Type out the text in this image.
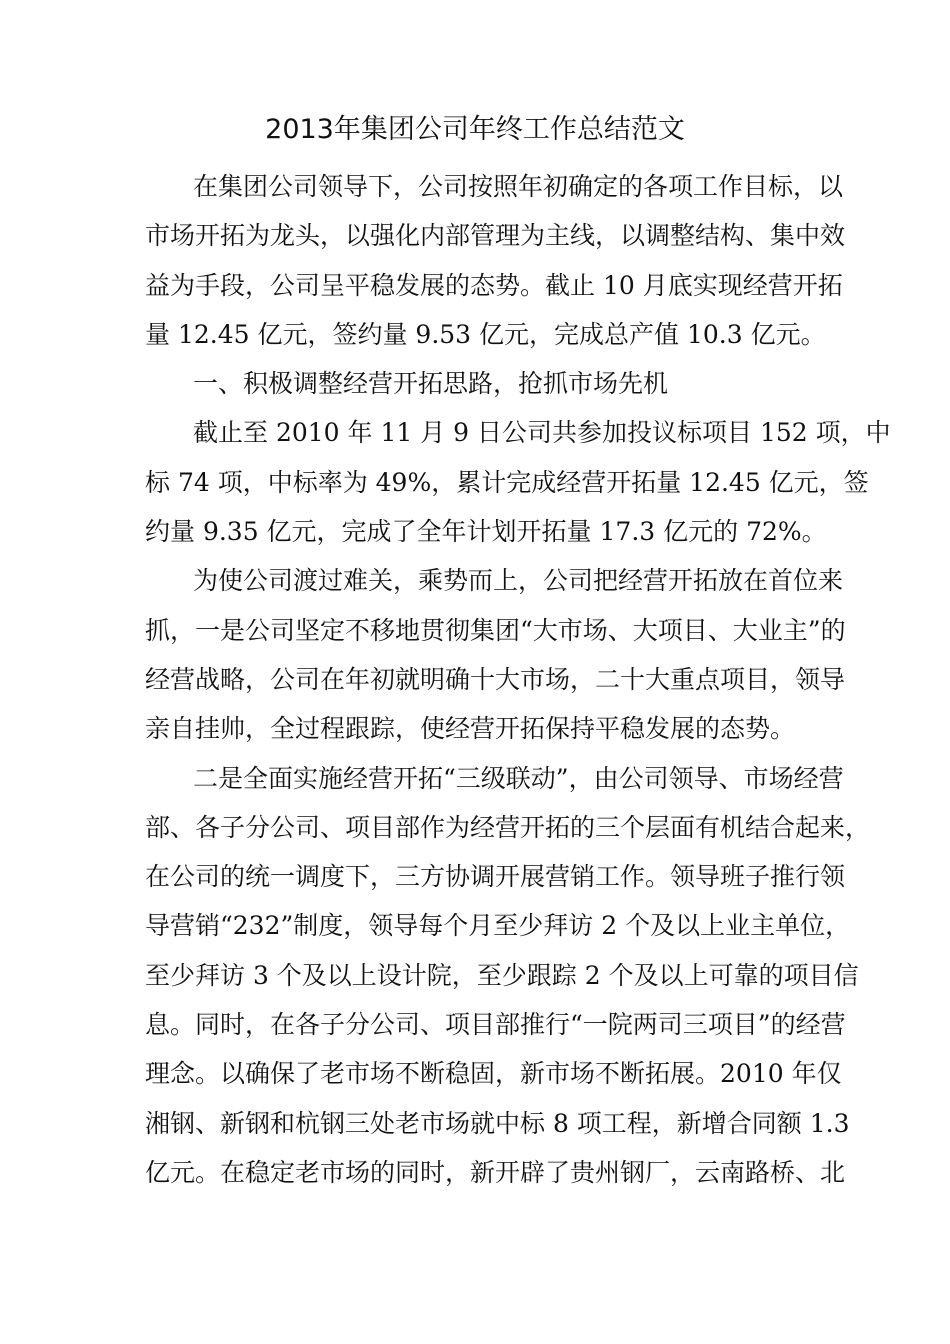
2013年集团公司年终工作总结范文

在集团公司领导下，公司按照年初确定的各项工作目标，以
市场开拓为龙头，以强化内部管理为主线，以调整结构、集中效
益为手段，公司呈平稳发展的态势。截止 10 月底实现经营开拓
量 12.45 亿元，签约量 9.53 亿元，完成总产值 10.3 亿元。

一、积极调整经营开拓思路，抢抓市场先机

截止至 2010 年 11 月 9 日公司共参加投议标项目 152 项，中
标 74 项，中标率为 49%，累计完成经营开拓量 12.45 亿元，签
约量 9.35 亿元，完成了全年计划开拓量 17.3 亿元的 72%。

为使公司渡过难关，乘势而上，公司把经营开拓放在首位来
抓，一是公司坚定不移地贯彻集团“大市场、大项目、大业主”的
经营战略，公司在年初就明确十大市场，二十大重点项目，领导
亲自挂帅，全过程跟踪，使经营开拓保持平稳发展的态势。

二是全面实施经营开拓“三级联动”，由公司领导、市场经营
部、各子分公司、项目部作为经营开拓的三个层面有机结合起来，
在公司的统一调度下，三方协调开展营销工作。领导班子推行领
导营销“232”制度，领导每个月至少拜访 2 个及以上业主单位，
至少拜访 3 个及以上设计院，至少跟踪 2 个及以上可靠的项目信
息。同时，在各子分公司、项目部推行“一院两司三项目”的经营
理念。以确保了老市场不断稳固，新市场不断拓展。2010 年仅
湘钢、新钢和杭钢三处老市场就中标 8 项工程，新增合同额 1.3
亿元。在稳定老市场的同时，新开辟了贵州钢厂，云南路桥、北
